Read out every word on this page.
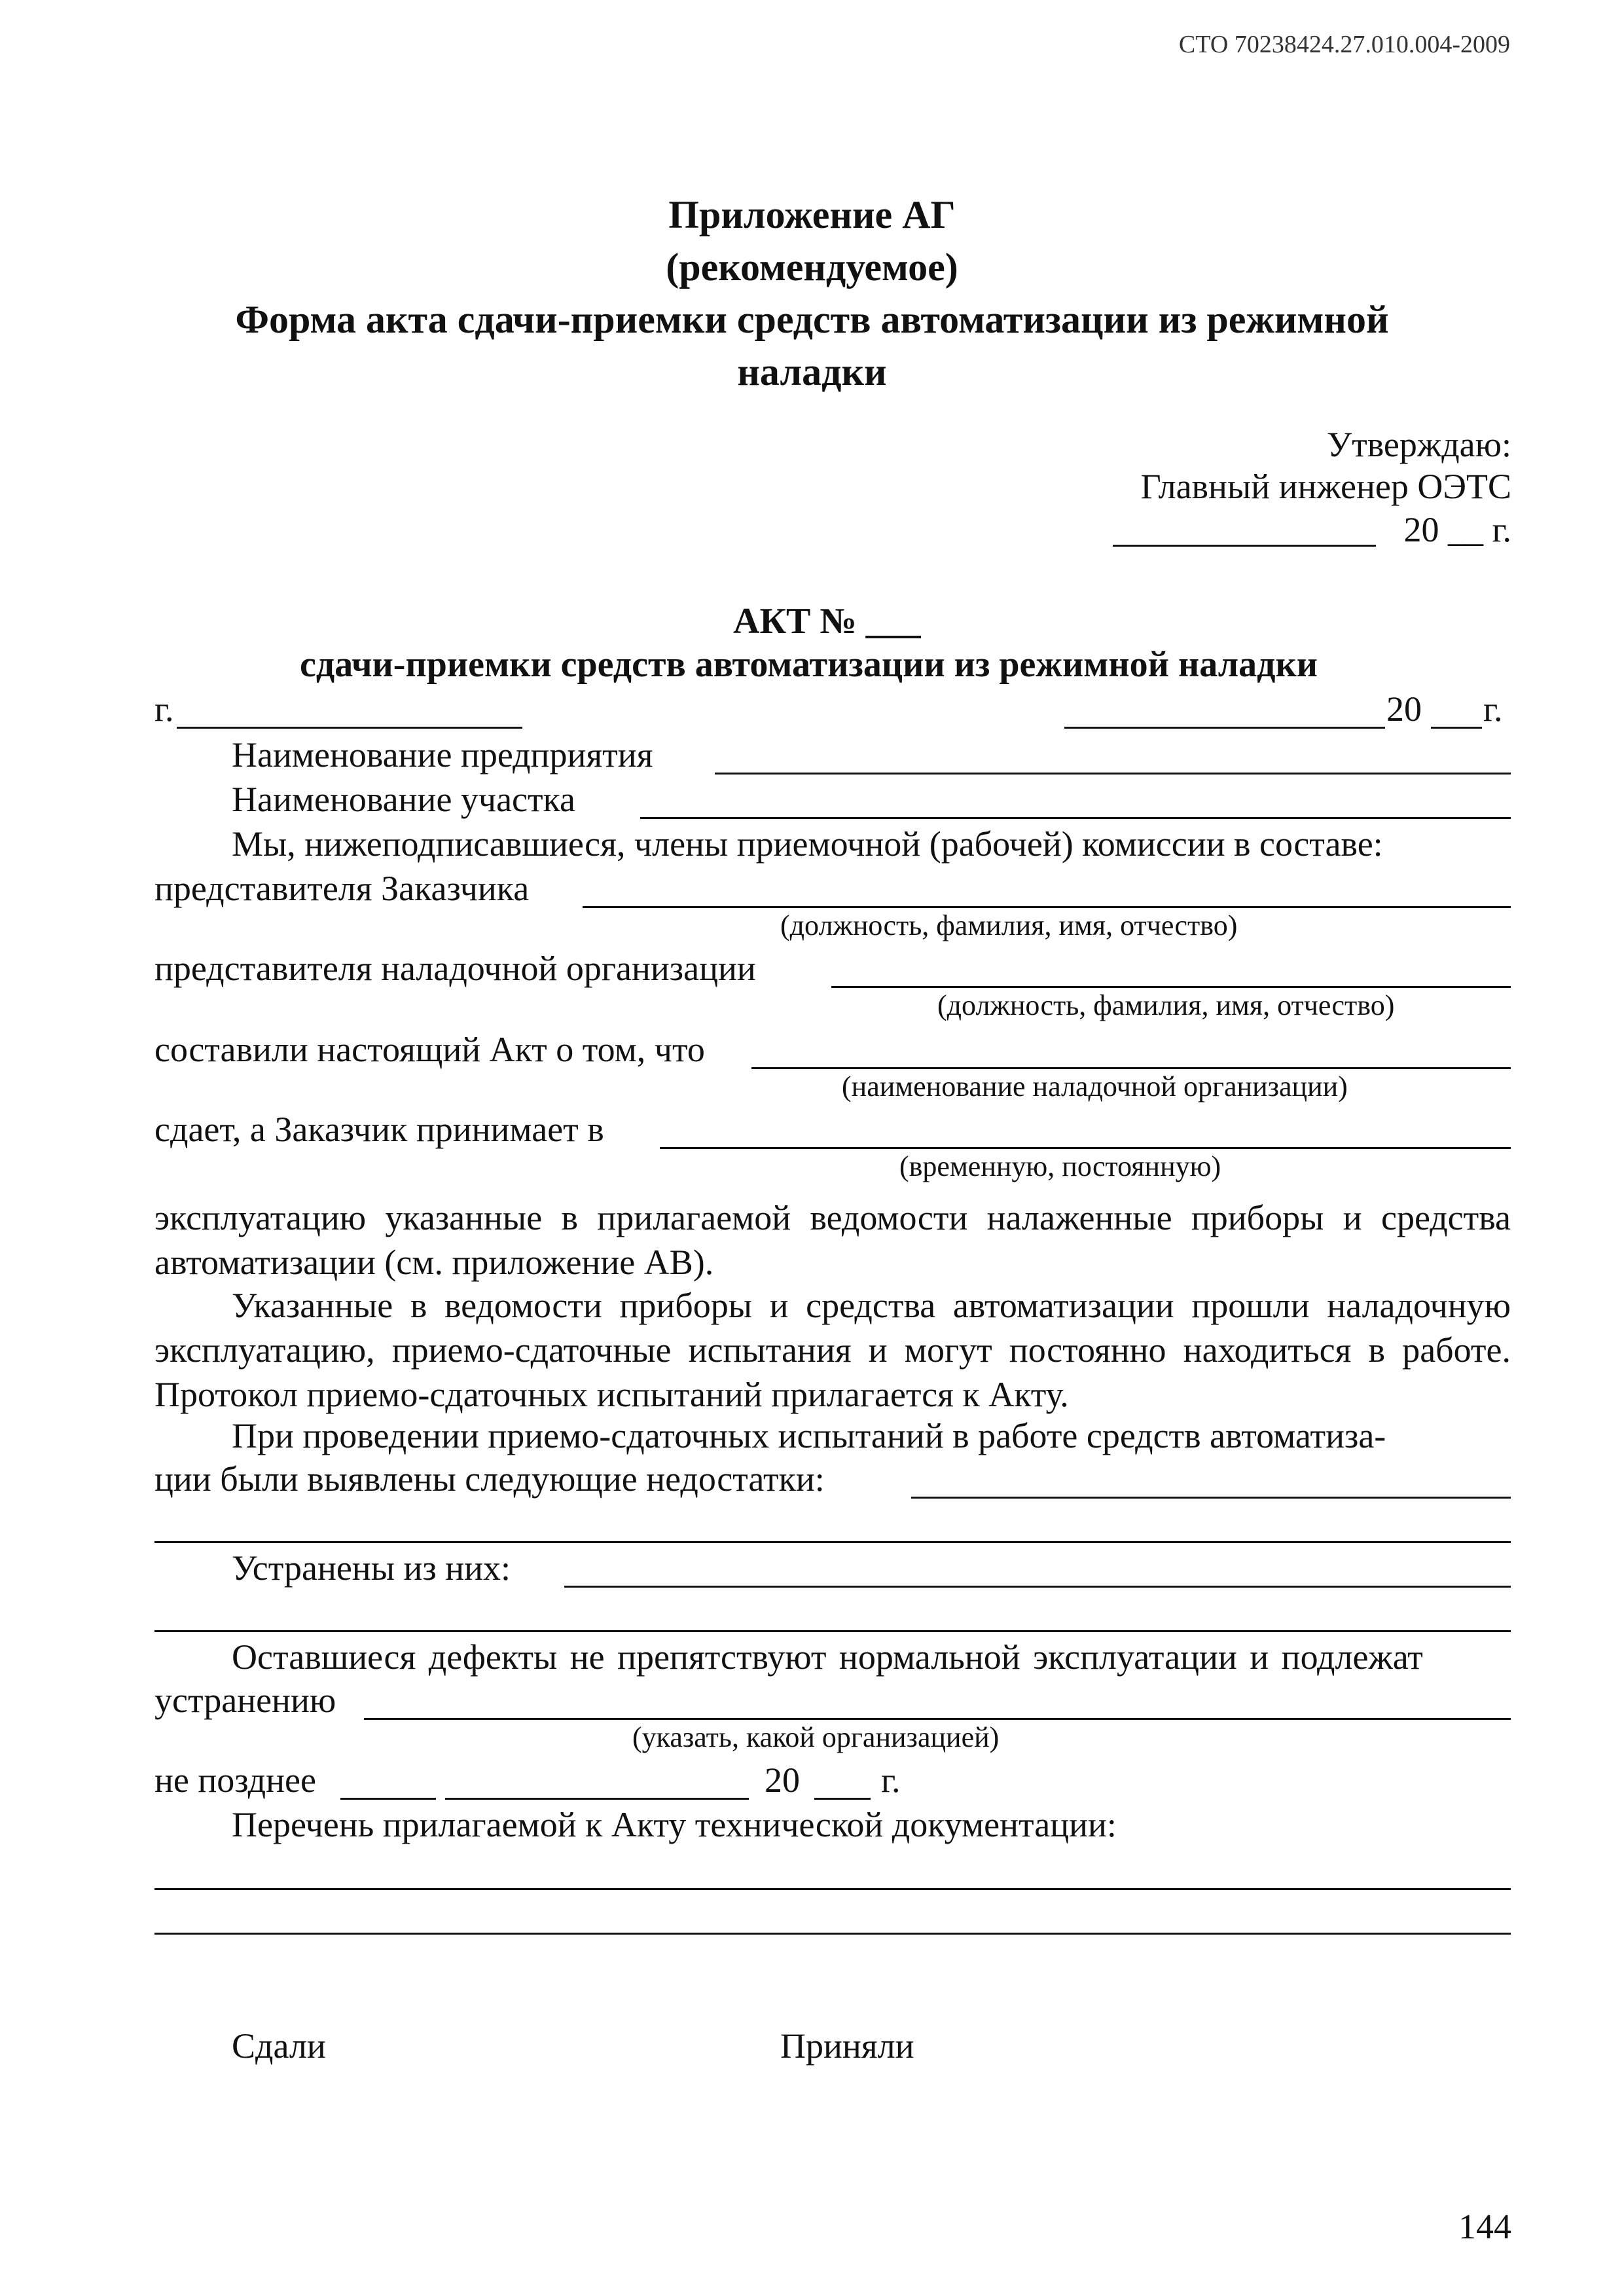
СТО 70238424.27.010.004-2009
Приложение АГ
(рекомендуемое)
Форма акта сдачи-приемки средств автоматизации из режимной
наладки
Утверждаю:
Главный инженер ОЭТС
20 __ г.
АКТ № ___
сдачи-приемки средств автоматизации из режимной наладки
г.	20 г.
Наименование предприятия
Наименование участка
Мы, нижеподписавшиеся, члены приемочной (рабочей) комиссии в составе:
представителя Заказчика
(должность, фамилия, имя, отчество)
представителя наладочной организации
(должность, фамилия, имя, отчество)
составили настоящий Акт о том, что
(наименование наладочной организации)
сдает, а Заказчик принимает в
(временную, постоянную)
эксплуатацию указанные в прилагаемой ведомости налаженные приборы и средства автоматизации (см. приложение АВ).
Указанные в ведомости приборы и средства автоматизации прошли наладочную эксплуатацию, приемо-сдаточные испытания и могут постоянно находиться в работе. Протокол приемо-сдаточных испытаний прилагается к Акту.
При проведении приемо-сдаточных испытаний в работе средств автоматиза-
ции были выявлены следующие недостатки:
Устранены из них:
Оставшиеся дефекты не препятствуют нормальной эксплуатации и подлежат
устранению
(указать, какой организацией)
не позднее	20 г.
Перечень прилагаемой к Акту технической документации:
Сдали	Приняли
144
